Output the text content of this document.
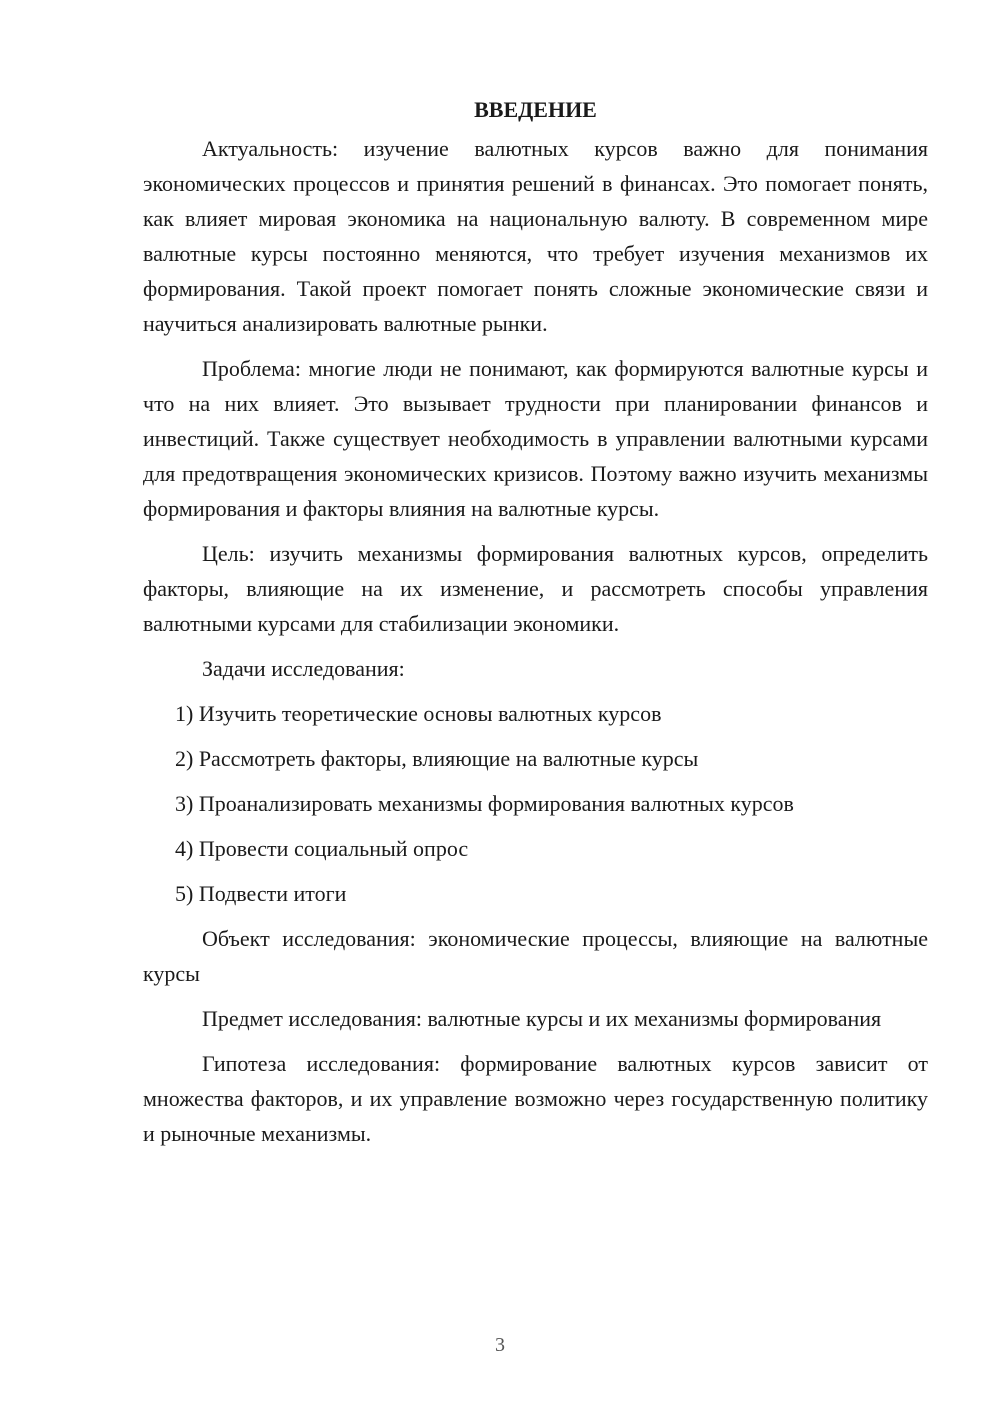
ВВЕДЕНИЕ

Актуальность: изучение валютных курсов важно для понимания экономических процессов и принятия решений в финансах. Это помогает понять, как влияет мировая экономика на национальную валюту. В современном мире валютные курсы постоянно меняются, что требует изучения механизмов их формирования. Такой проект помогает понять сложные экономические связи и научиться анализировать валютные рынки.

Проблема: многие люди не понимают, как формируются валютные курсы и что на них влияет. Это вызывает трудности при планировании финансов и инвестиций. Также существует необходимость в управлении валютными курсами для предотвращения экономических кризисов. Поэтому важно изучить механизмы формирования и факторы влияния на валютные курсы.

Цель: изучить механизмы формирования валютных курсов, определить факторы, влияющие на их изменение, и рассмотреть способы управления валютными курсами для стабилизации экономики.

Задачи исследования:

1) Изучить теоретические основы валютных курсов
2) Рассмотреть факторы, влияющие на валютные курсы
3) Проанализировать механизмы формирования валютных курсов
4) Провести социальный опрос
5) Подвести итоги

Объект исследования: экономические процессы, влияющие на валютные курсы

Предмет исследования: валютные курсы и их механизмы формирования

Гипотеза исследования: формирование валютных курсов зависит от множества факторов, и их управление возможно через государственную политику и рыночные механизмы.

3
